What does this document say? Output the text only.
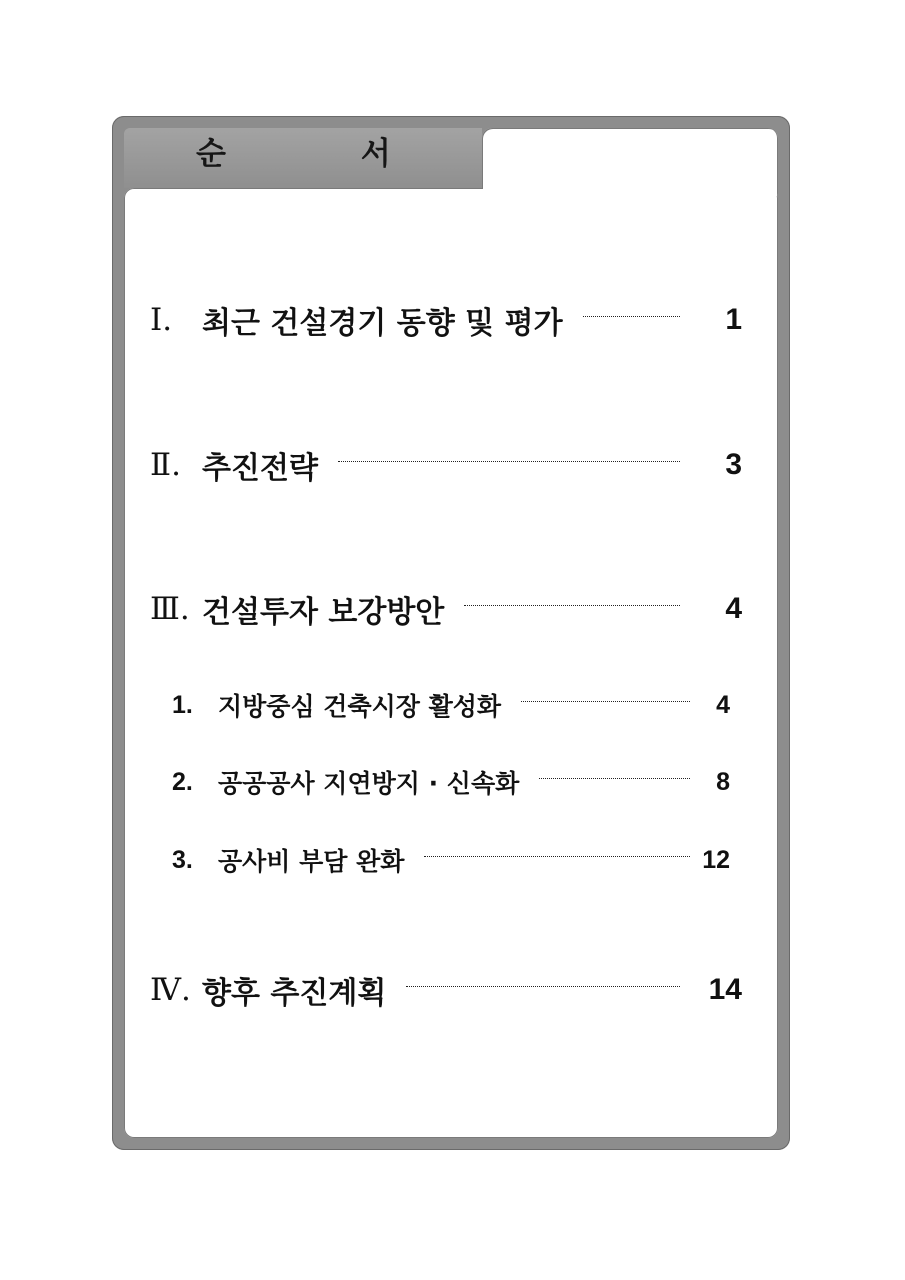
순 서
Ⅰ. 최근 건설경기 동향 및 평가	1
Ⅱ. 추진전략	3
Ⅲ. 건설투자 보강방안	4
1.	지방중심 건축시장 활성화	4
2.	공공공사 지연방지 · 신속화	8
3.	공사비 부담 완화	12
Ⅳ. 향후 추진계획	14
